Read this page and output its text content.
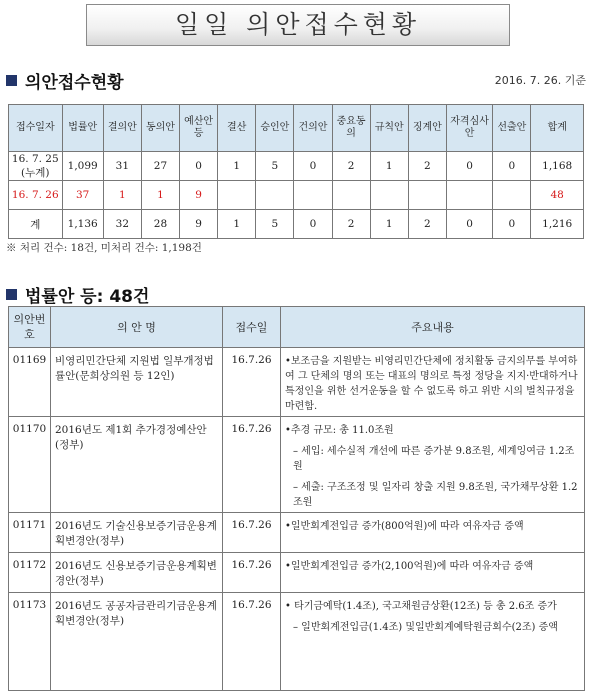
일일 의안접수현황
의안접수현황	2016. 7. 26. 기준
접수일자	법률안	결의안	동의안	예산안등	결산	승인안	건의안	중요동의	규칙안	징계안	자격심사안	선출안	합계
16. 7. 25 (누계)	1,099	31	27	0	1	5	0	2	1	2	0	0	1,168
16. 7. 26	37	1	1	9									48
계	1,136	32	28	9	1	5	0	2	1	2	0	0	1,216
※ 처리 건수: 18건, 미처리 건수: 1,198건
법률안 등: 48건
의안번호	의 안 명	접수일	주요내용
01169	비영리민간단체 지원법 일부개정법률안(문희상의원 등 12인)	16.7.26	•보조금을 지원받는 비영리민간단체에 정치활동 금지의무를 부여하여 그 단체의 명의 또는 대표의 명의로 특정 정당을 지지·반대하거나 특정인을 위한 선거운동을 할 수 없도록 하고 위반 시의 벌칙규정을 마련함.

01170	2016년도 제1회 추가경정예산안(정부)	16.7.26	•추경 규모: 총 11.0조원
– 세입: 세수실적 개선에 따른 증가분 9.8조원, 세계잉여금 1.2조원
– 세출: 구조조정 및 일자리 창출 지원 9.8조원, 국가채무상환 1.2조원

01171	2016년도 기술신용보증기금운용계획변경안(정부)	16.7.26	•일반회계전입금 증가(800억원)에 따라 여유자금 증액

01172	2016년도 신용보증기금운용계획변경안(정부)	16.7.26	•일반회계전입금 증가(2,100억원)에 따라 여유자금 증액

01173	2016년도 공공자금관리기금운용계획변경안(정부)	16.7.26	• 타기금예탁(1.4조), 국고채원금상환(12조) 등 총 2.6조 증가
– 일반회계전입금(1.4조) 및일반회계예탁원금회수(2조) 증액
